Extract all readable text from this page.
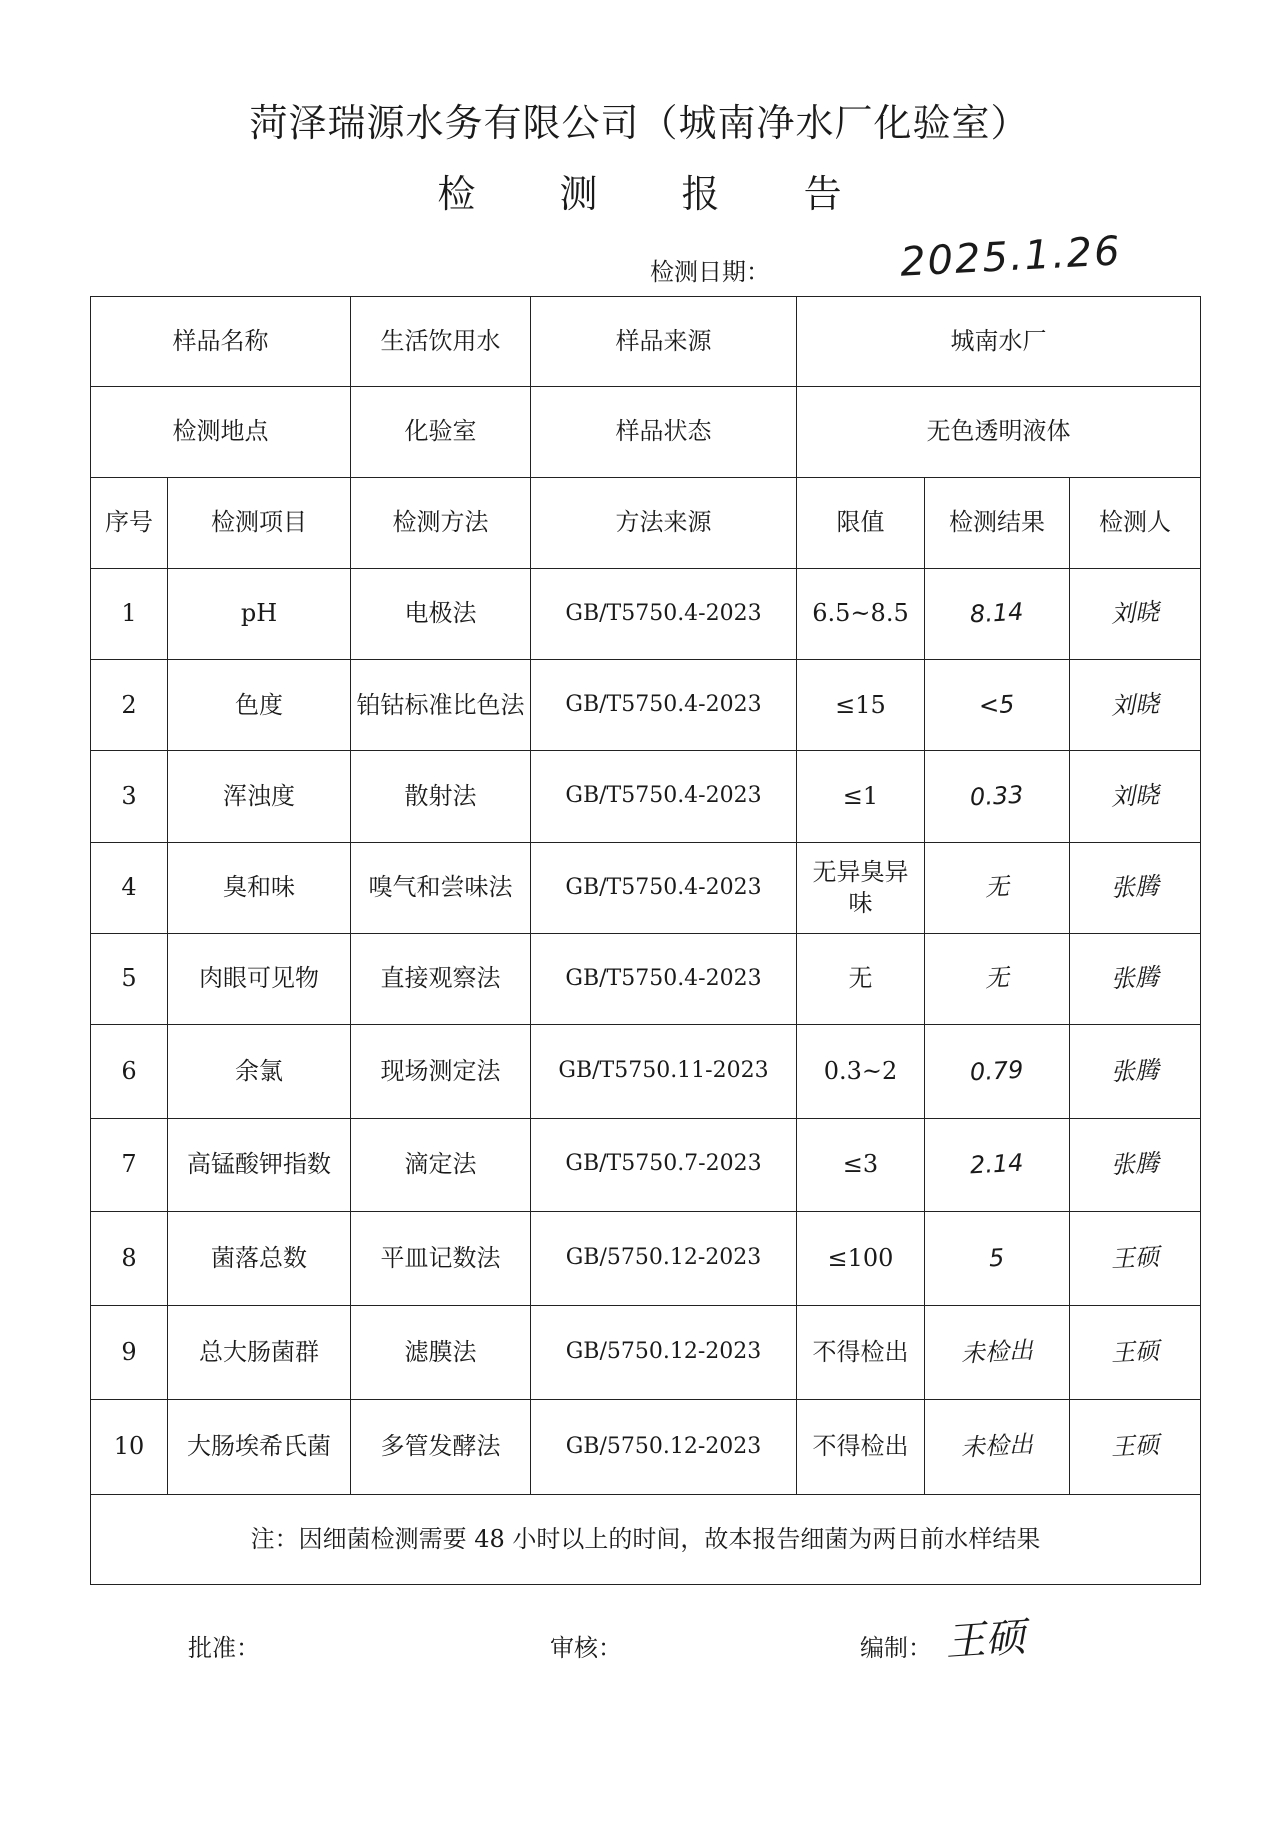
菏泽瑞源水务有限公司（城南净水厂化验室）
检 测 报 告
检测日期：	2025.1.26
样品名称		生活饮用水	样品来源	城南水厂		
检测地点		化验室	样品状态	无色透明液体		
序号	检测项目	检测方法	方法来源	限值	检测结果	检测人
1	pH	电极法	GB/T5750.4-2023	6.5~8.5	8.14	刘晓
2	色度	铂钴标准比色法	GB/T5750.4-2023	≤15	<5	刘晓
3	浑浊度	散射法	GB/T5750.4-2023	≤1	0.33	刘晓
4	臭和味	嗅气和尝味法	GB/T5750.4-2023	无异臭异味	无	张腾
5	肉眼可见物	直接观察法	GB/T5750.4-2023	无	无	张腾
6	余氯	现场测定法	GB/T5750.11-2023	0.3~2	0.79	张腾
7	高锰酸钾指数	滴定法	GB/T5750.7-2023	≤3	2.14	张腾
8	菌落总数	平皿记数法	GB/5750.12-2023	≤100	5	王硕
9	总大肠菌群	滤膜法	GB/5750.12-2023	不得检出	未检出	王硕
10	大肠埃希氏菌	多管发酵法	GB/5750.12-2023	不得检出	未检出	王硕
注：因细菌检测需要 48 小时以上的时间，故本报告细菌为两日前水样结果						
批准：	审核：	编制： 王硕
